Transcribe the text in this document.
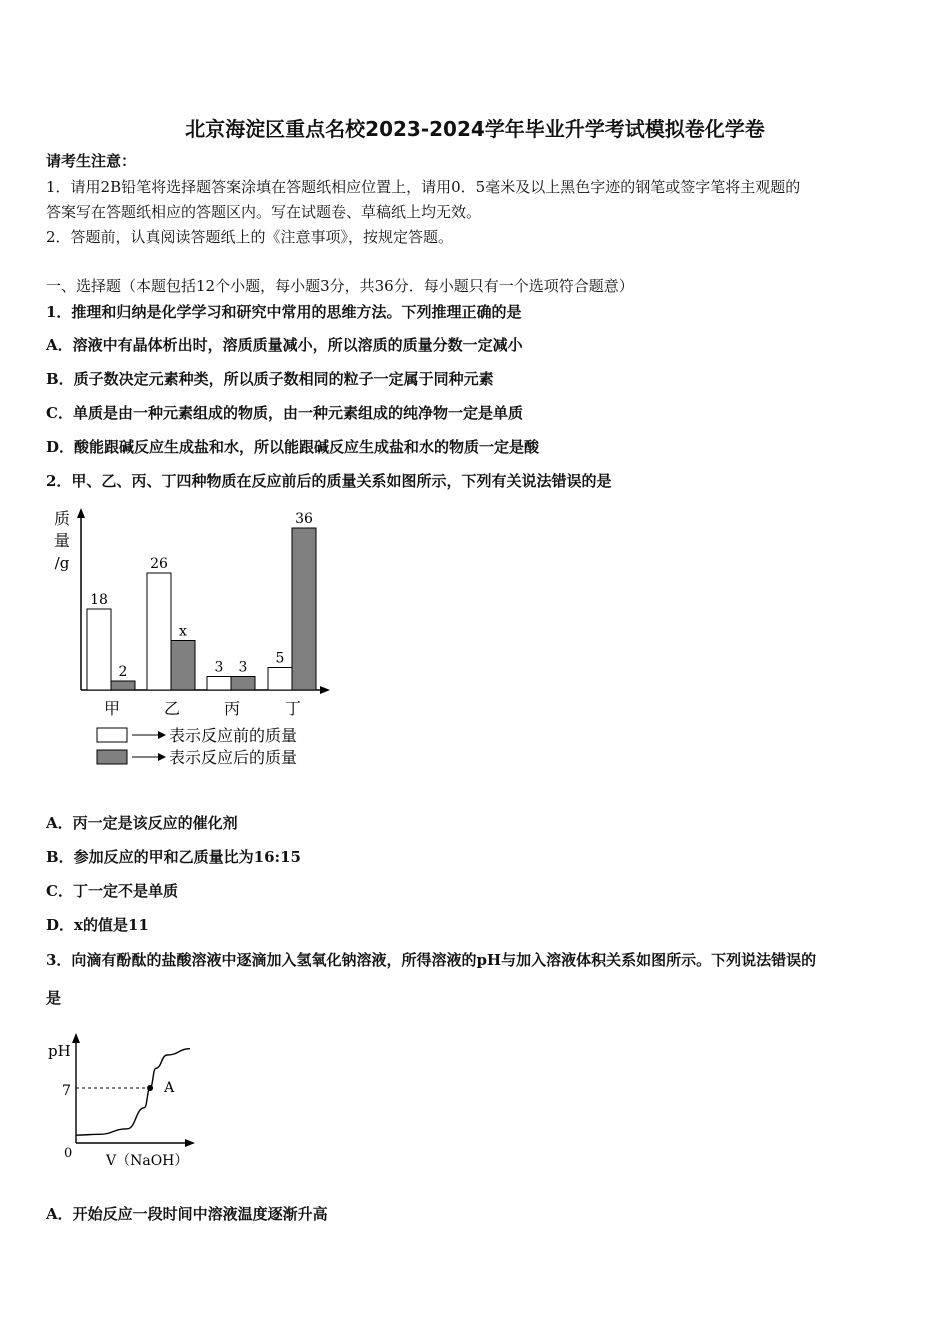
北京海淀区重点名校2023-2024学年毕业升学考试模拟卷化学卷
请考生注意：
1．请用2B铅笔将选择题答案涂填在答题纸相应位置上，请用0．5毫米及以上黑色字迹的钢笔或签字笔将主观题的
答案写在答题纸相应的答题区内。写在试题卷、草稿纸上均无效。
2．答题前，认真阅读答题纸上的《注意事项》，按规定答题。
一、选择题（本题包括12个小题，每小题3分，共36分．每小题只有一个选项符合题意）
1．推理和归纳是化学学习和研究中常用的思维方法。下列推理正确的是
A．溶液中有晶体析出时，溶质质量减小，所以溶质的质量分数一定减小
B．质子数决定元素种类，所以质子数相同的粒子一定属于同种元素
C．单质是由一种元素组成的物质，由一种元素组成的纯净物一定是单质
D．酸能跟碱反应生成盐和水，所以能跟碱反应生成盐和水的物质一定是酸
2．甲、乙、丙、丁四种物质在反应前后的质量关系如图所示，下列有关说法错误的是
质
量
/g
18
2
26
x
3 3
5
36
甲	乙	丙	丁
表示反应前的质量
表示反应后的质量
A．丙一定是该反应的催化剂
B．参加反应的甲和乙质量比为16:15
C．丁一定不是单质
D．x的值是11
3．向滴有酚酞的盐酸溶液中逐滴加入氢氧化钠溶液，所得溶液的pH与加入溶液体积关系如图所示。下列说法错误的
是
pH
0
7	A
V（NaOH）
A．开始反应一段时间中溶液温度逐渐升高
